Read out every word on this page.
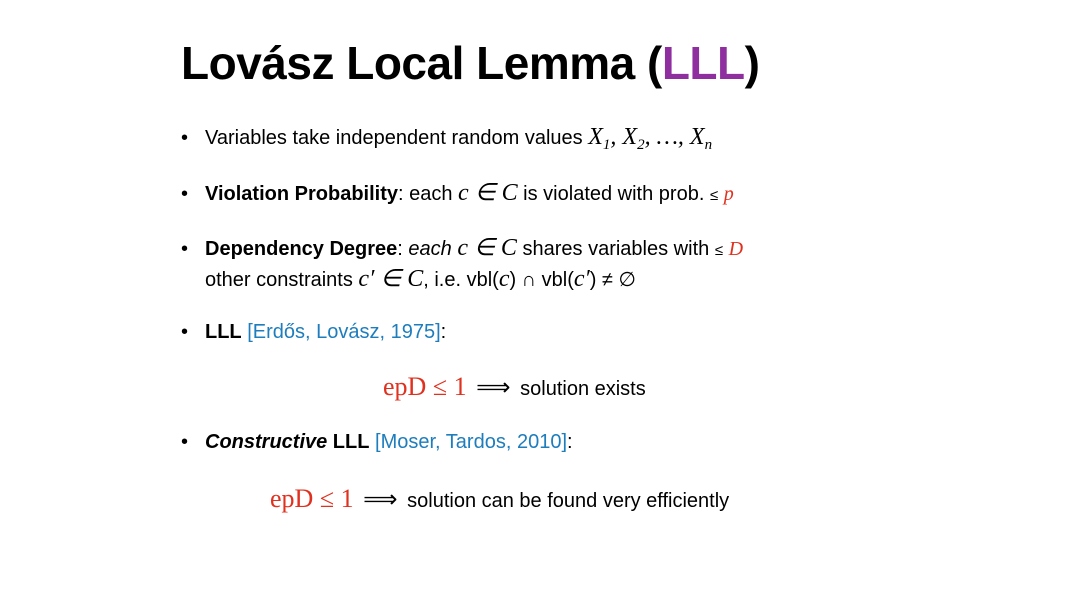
Lovász Local Lemma (LLL)
• Variables take independent random values $X_1$, $X_2$, …, $X_n$
• Violation Probability: each c ∈ C is violated with prob. ≤ p
• Dependency Degree: each c ∈ C shares variables with ≤ D
other constraints c′ ∈ C, i.e. vbl(c) ∩ vbl(c′) ≠ ∅
• LLL [Erdős, Lovász, 1975]:
epD ≤ 1 ⟹ solution exists
• Constructive LLL [Moser, Tardos, 2010]:
epD ≤ 1 ⟹ solution can be found very efficiently
